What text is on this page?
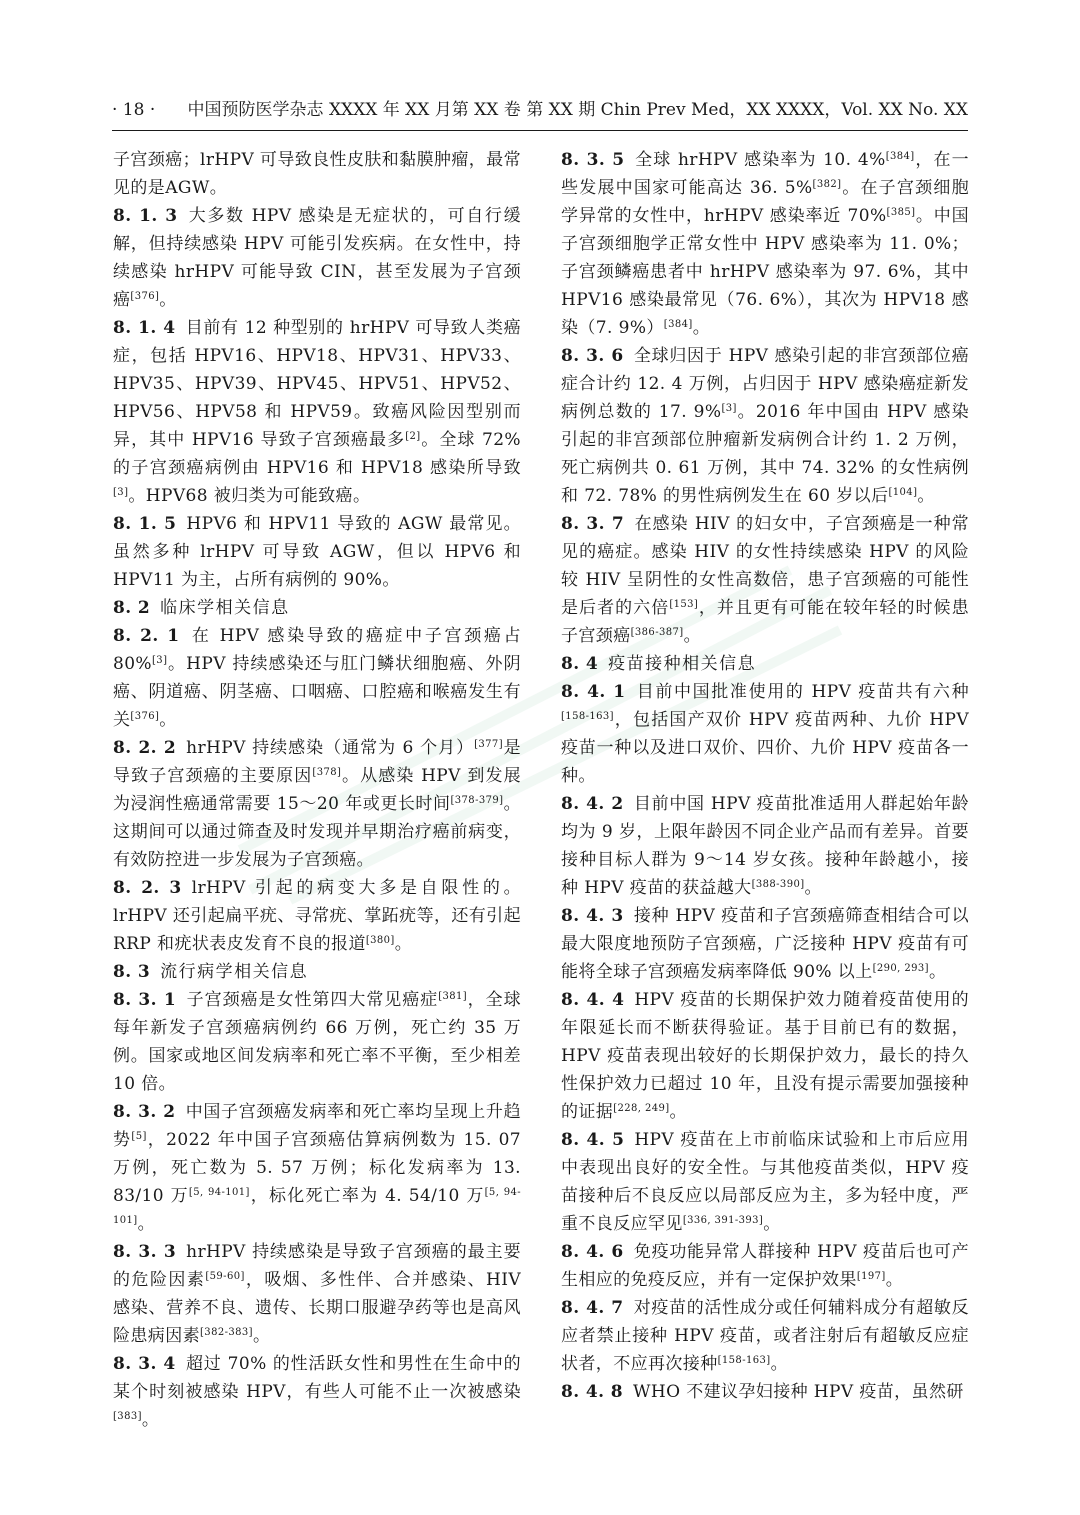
· 18 · 中国预防医学杂志 XXXX 年 XX 月第 XX 卷 第 XX 期 Chin Prev Med，XX XXXX，Vol. XX No. XX

子宫颈癌；lrHPV 可导致良性皮肤和黏膜肿瘤，最常见的是AGW。

8. 1. 3 大多数 HPV 感染是无症状的，可自行缓解，但持续感染 HPV 可能引发疾病。在女性中，持续感染 hrHPV 可能导致 CIN，甚至发展为子宫颈癌[376]。

8. 1. 4 目前有 12 种型别的 hrHPV 可导致人类癌症，包括 HPV16、HPV18、HPV31、HPV33、HPV35、HPV39、HPV45、HPV51、HPV52、HPV56、HPV58 和 HPV59。致癌风险因型别而异，其中 HPV16 导致子宫颈癌最多[2]。全球 72% 的子宫颈癌病例由 HPV16 和 HPV18 感染所导致[3]。HPV68 被归类为可能致癌。

8. 1. 5 HPV6 和 HPV11 导致的 AGW 最常见。虽然多种 lrHPV 可导致 AGW，但以 HPV6 和 HPV11 为主，占所有病例的 90%。

8. 2 临床学相关信息

8. 2. 1 在 HPV 感染导致的癌症中子宫颈癌占 80%[3]。HPV 持续感染还与肛门鳞状细胞癌、外阴癌、阴道癌、阴茎癌、口咽癌、口腔癌和喉癌发生有关[376]。

8. 2. 2 hrHPV 持续感染（通常为 6 个月）[377]是导致子宫颈癌的主要原因[378]。从感染 HPV 到发展为浸润性癌通常需要 15～20 年或更长时间[378-379]。这期间可以通过筛查及时发现并早期治疗癌前病变，有效防控进一步发展为子宫颈癌。

8. 2. 3 lrHPV 引起的病变大多是自限性的。lrHPV 还引起扁平疣、寻常疣、掌跖疣等，还有引起 RRP 和疣状表皮发育不良的报道[380]。

8. 3 流行病学相关信息

8. 3. 1 子宫颈癌是女性第四大常见癌症[381]，全球每年新发子宫颈癌病例约 66 万例，死亡约 35 万例。国家或地区间发病率和死亡率不平衡，至少相差 10 倍。

8. 3. 2 中国子宫颈癌发病率和死亡率均呈现上升趋势[5]，2022 年中国子宫颈癌估算病例数为 15. 07 万例，死亡数为 5. 57 万例；标化发病率为 13. 83/10 万[5, 94-101]，标化死亡率为 4. 54/10 万[5, 94-101]。

8. 3. 3 hrHPV 持续感染是导致子宫颈癌的最主要的危险因素[59-60]，吸烟、多性伴、合并感染、HIV 感染、营养不良、遗传、长期口服避孕药等也是高风险患病因素[382-383]。

8. 3. 4 超过 70% 的性活跃女性和男性在生命中的某个时刻被感染 HPV，有些人可能不止一次被感染[383]。

8. 3. 5 全球 hrHPV 感染率为 10. 4%[384]，在一些发展中国家可能高达 36. 5%[382]。在子宫颈细胞学异常的女性中，hrHPV 感染率近 70%[385]。中国子宫颈细胞学正常女性中 HPV 感染率为 11. 0%；子宫颈鳞癌患者中 hrHPV 感染率为 97. 6%，其中 HPV16 感染最常见（76. 6%），其次为 HPV18 感染（7. 9%）[384]。

8. 3. 6 全球归因于 HPV 感染引起的非宫颈部位癌症合计约 12. 4 万例，占归因于 HPV 感染癌症新发病例总数的 17. 9%[3]。2016 年中国由 HPV 感染引起的非宫颈部位肿瘤新发病例合计约 1. 2 万例，死亡病例共 0. 61 万例，其中 74. 32% 的女性病例和 72. 78% 的男性病例发生在 60 岁以后[104]。

8. 3. 7 在感染 HIV 的妇女中，子宫颈癌是一种常见的癌症。感染 HIV 的女性持续感染 HPV 的风险较 HIV 呈阴性的女性高数倍，患子宫颈癌的可能性是后者的六倍[153]，并且更有可能在较年轻的时候患子宫颈癌[386-387]。

8. 4 疫苗接种相关信息

8. 4. 1 目前中国批准使用的 HPV 疫苗共有六种[158-163]，包括国产双价 HPV 疫苗两种、九价 HPV 疫苗一种以及进口双价、四价、九价 HPV 疫苗各一种。

8. 4. 2 目前中国 HPV 疫苗批准适用人群起始年龄均为 9 岁，上限年龄因不同企业产品而有差异。首要接种目标人群为 9～14 岁女孩。接种年龄越小，接种 HPV 疫苗的获益越大[388-390]。

8. 4. 3 接种 HPV 疫苗和子宫颈癌筛查相结合可以最大限度地预防子宫颈癌，广泛接种 HPV 疫苗有可能将全球子宫颈癌发病率降低 90% 以上[290, 293]。

8. 4. 4 HPV 疫苗的长期保护效力随着疫苗使用的年限延长而不断获得验证。基于目前已有的数据，HPV 疫苗表现出较好的长期保护效力，最长的持久性保护效力已超过 10 年，且没有提示需要加强接种的证据[228, 249]。

8. 4. 5 HPV 疫苗在上市前临床试验和上市后应用中表现出良好的安全性。与其他疫苗类似，HPV 疫苗接种后不良反应以局部反应为主，多为轻中度，严重不良反应罕见[336, 391-393]。

8. 4. 6 免疫功能异常人群接种 HPV 疫苗后也可产生相应的免疫反应，并有一定保护效果[197]。

8. 4. 7 对疫苗的活性成分或任何辅料成分有超敏反应者禁止接种 HPV 疫苗，或者注射后有超敏反应症状者，不应再次接种[158-163]。

8. 4. 8 WHO 不建议孕妇接种 HPV 疫苗，虽然研
